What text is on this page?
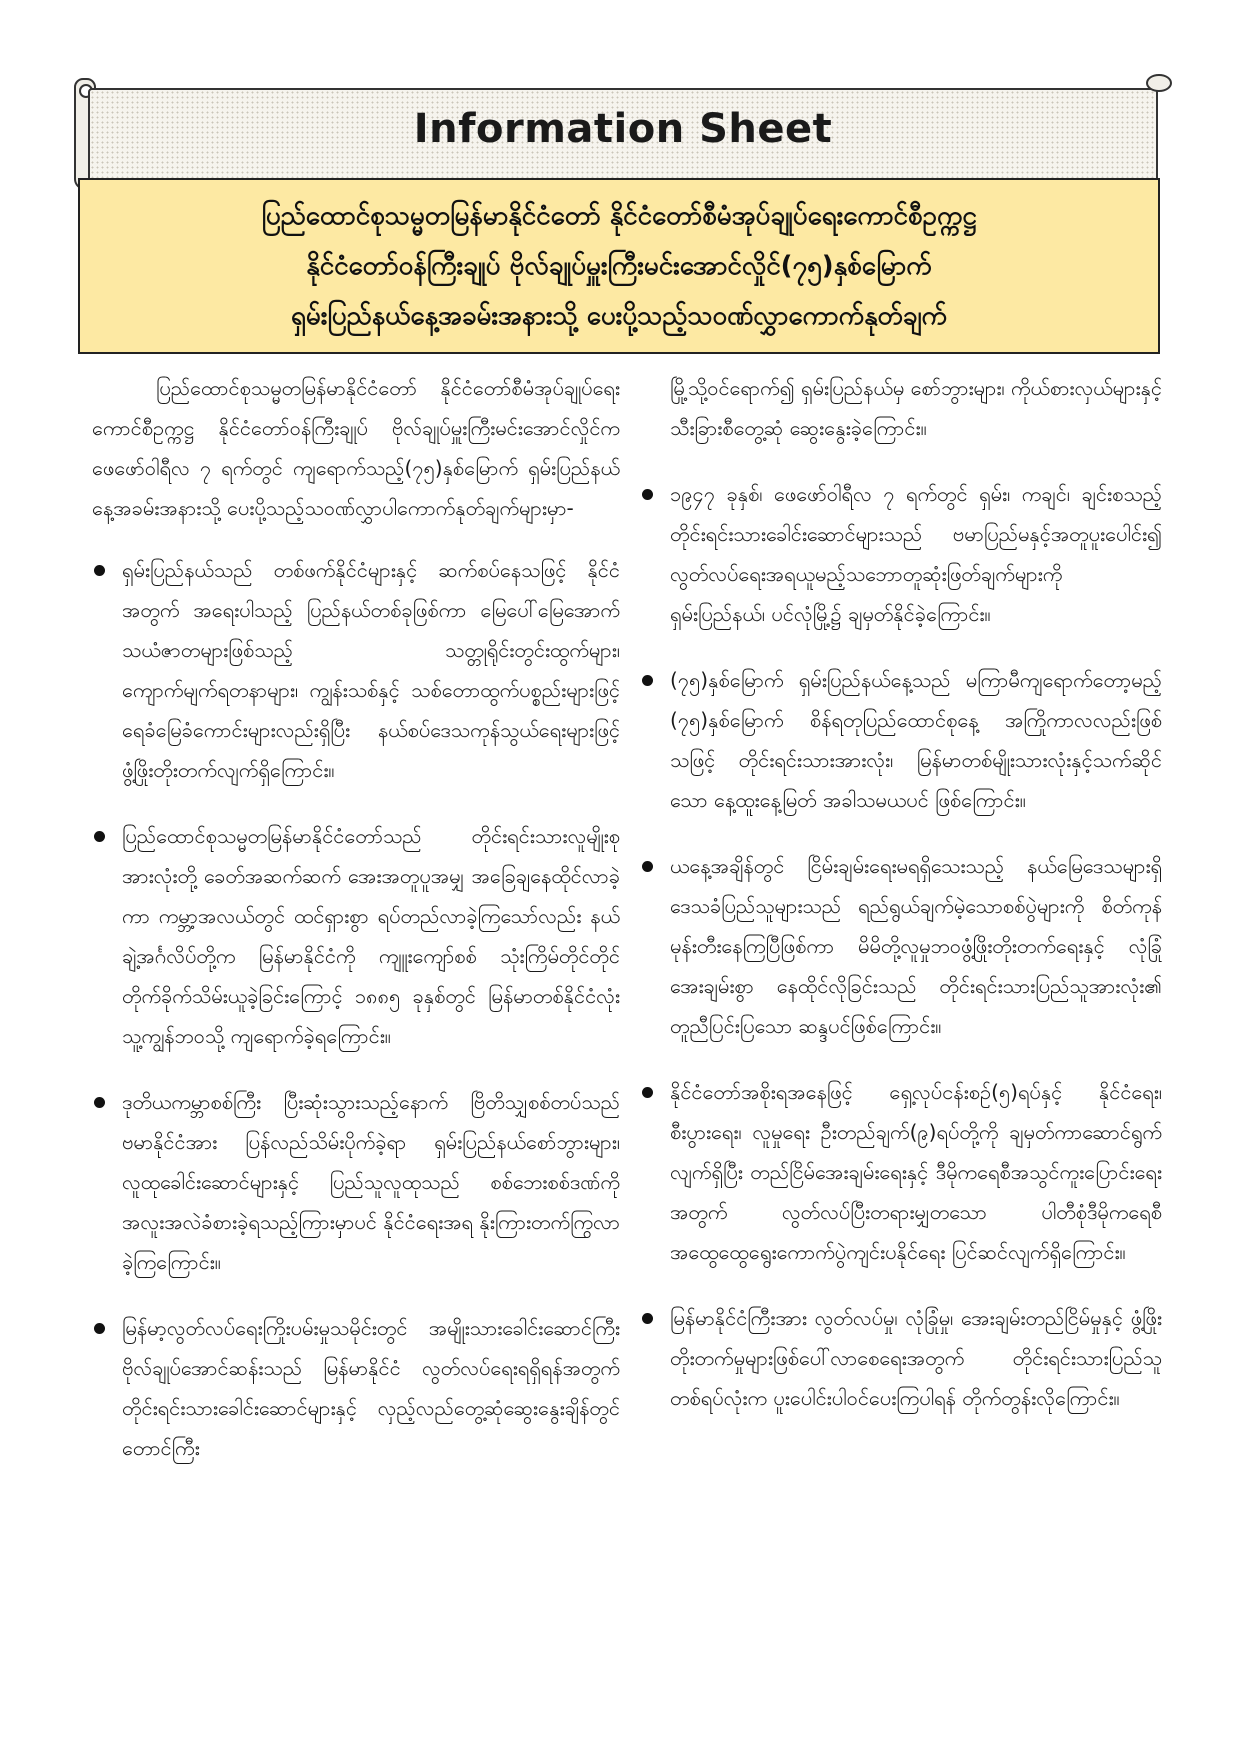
Information Sheet
ပြည်ထောင်စုသမ္မတမြန်မာနိုင်ငံတော် နိုင်ငံတော်စီမံအုပ်ချုပ်ရေးကောင်စီဥက္ကဋ္ဌ
နိုင်ငံတော်ဝန်ကြီးချုပ် ဗိုလ်ချုပ်မှူးကြီးမင်းအောင်လှိုင်(၇၅)နှစ်မြောက်
ရှမ်းပြည်နယ်နေ့အခမ်းအနားသို့ ပေးပို့သည့်သဝဏ်လွှာကောက်နုတ်ချက်

ပြည်ထောင်စုသမ္မတမြန်မာနိုင်ငံတော် နိုင်ငံတော်စီမံအုပ်ချုပ်ရေးကောင်စီဥက္ကဋ္ဌ နိုင်ငံတော်ဝန်ကြီးချုပ် ဗိုလ်ချုပ်မှူးကြီးမင်းအောင်လှိုင်က ဖေဖော်ဝါရီလ ၇ ရက်တွင် ကျရောက်သည့်(၇၅)နှစ်မြောက် ရှမ်းပြည်နယ်နေ့အခမ်းအနားသို့ ပေးပို့သည့်သဝဏ်လွှာပါကောက်နုတ်ချက်များမှာ-

ရှမ်းပြည်နယ်သည် တစ်ဖက်နိုင်ငံများနှင့် ဆက်စပ်နေသဖြင့် နိုင်ငံအတွက် အရေးပါသည့် ပြည်နယ်တစ်ခုဖြစ်ကာ မြေပေါ်မြေအောက်သယံဇာတများဖြစ်သည့် သတ္တုရိုင်းတွင်းထွက်များ၊ ကျောက်မျက်ရတနာများ၊ ကျွန်းသစ်နှင့် သစ်တောထွက်ပစ္စည်းများဖြင့် ရေခံမြေခံကောင်းများလည်းရှိပြီး နယ်စပ်ဒေသကုန်သွယ်ရေးများဖြင့် ဖွံ့ဖြိုးတိုးတက်လျက်ရှိကြောင်း။
ပြည်ထောင်စုသမ္မတမြန်မာနိုင်ငံတော်သည် တိုင်းရင်းသားလူမျိုးစုအားလုံးတို့ ခေတ်အဆက်ဆက် အေးအတူပူအမျှ အခြေချနေထိုင်လာခဲ့ကာ ကမ္ဘာ့အလယ်တွင် ထင်ရှားစွာ ရပ်တည်လာခဲ့ကြသော်လည်း နယ်ချဲ့အင်္ဂလိပ်တို့က မြန်မာနိုင်ငံကို ကျူးကျော်စစ် သုံးကြိမ်တိုင်တိုင် တိုက်ခိုက်သိမ်းယူခဲ့ခြင်းကြောင့် ၁၈၈၅ ခုနှစ်တွင် မြန်မာတစ်နိုင်ငံလုံး သူ့ကျွန်ဘဝသို့ ကျရောက်ခဲ့ရကြောင်း။
ဒုတိယကမ္ဘာစစ်ကြီး ပြီးဆုံးသွားသည့်နောက် ဗြိတိသျှစစ်တပ်သည် ဗမာနိုင်ငံအား ပြန်လည်သိမ်းပိုက်ခဲ့ရာ ရှမ်းပြည်နယ်စော်ဘွားများ၊ လူထုခေါင်းဆောင်များနှင့် ပြည်သူလူထုသည် စစ်ဘေးစစ်ဒဏ်ကို အလူးအလဲခံစားခဲ့ရသည့်ကြားမှာပင် နိုင်ငံရေးအရ နိုးကြားတက်ကြွလာခဲ့ကြကြောင်း။
မြန်မာ့လွတ်လပ်ရေးကြိုးပမ်းမှုသမိုင်းတွင် အမျိုးသားခေါင်းဆောင်ကြီး ဗိုလ်ချုပ်အောင်ဆန်းသည် မြန်မာနိုင်ငံ လွတ်လပ်ရေးရရှိရန်အတွက် တိုင်းရင်းသားခေါင်းဆောင်များနှင့် လှည့်လည်တွေ့ဆုံဆွေးနွေးချိန်တွင် တောင်ကြီး

မြို့သို့ဝင်ရောက်၍ ရှမ်းပြည်နယ်မှ စော်ဘွားများ၊ ကိုယ်စားလှယ်များနှင့် သီးခြားစီတွေ့ဆုံ ဆွေးနွေးခဲ့ကြောင်း။

၁၉၄၇ ခုနှစ်၊ ဖေဖော်ဝါရီလ ၇ ရက်တွင် ရှမ်း၊ ကချင်၊ ချင်းစသည့် တိုင်းရင်းသားခေါင်းဆောင်များသည် ဗမာပြည်မနှင့်အတူပူးပေါင်း၍ လွတ်လပ်ရေးအရယူမည့်သဘောတူဆုံးဖြတ်ချက်များကို ရှမ်းပြည်နယ်၊ ပင်လုံမြို့၌ ချမှတ်နိုင်ခဲ့ကြောင်း။
(၇၅)နှစ်မြောက် ရှမ်းပြည်နယ်နေ့သည် မကြာမီကျရောက်တော့မည့် (၇၅)နှစ်မြောက် စိန်ရတုပြည်ထောင်စုနေ့ အကြိုကာလလည်းဖြစ်သဖြင့် တိုင်းရင်းသားအားလုံး၊ မြန်မာတစ်မျိုးသားလုံးနှင့်သက်ဆိုင်သော နေ့ထူးနေ့မြတ် အခါသမယပင် ဖြစ်ကြောင်း။
ယနေ့အချိန်တွင် ငြိမ်းချမ်းရေးမရရှိသေးသည့် နယ်မြေဒေသများရှိ ဒေသခံပြည်သူများသည် ရည်ရွယ်ချက်မဲ့သောစစ်ပွဲများကို စိတ်ကုန်မုန်းတီးနေကြပြီဖြစ်ကာ မိမိတို့လူမှုဘဝဖွံ့ဖြိုးတိုးတက်ရေးနှင့် လုံခြုံအေးချမ်းစွာ နေထိုင်လိုခြင်းသည် တိုင်းရင်းသားပြည်သူအားလုံး၏ တူညီပြင်းပြသော ဆန္ဒပင်ဖြစ်ကြောင်း။
နိုင်ငံတော်အစိုးရအနေဖြင့် ရှေ့လုပ်ငန်းစဉ်(၅)ရပ်နှင့် နိုင်ငံရေး၊ စီးပွားရေး၊ လူမှုရေး ဦးတည်ချက်(၉)ရပ်တို့ကို ချမှတ်ကာဆောင်ရွက်လျက်ရှိပြီး တည်ငြိမ်အေးချမ်းရေးနှင့် ဒီမိုကရေစီအသွင်ကူးပြောင်းရေးအတွက် လွတ်လပ်ပြီးတရားမျှတသော ပါတီစုံဒီမိုကရေစီ အထွေထွေရွေးကောက်ပွဲကျင်းပနိုင်ရေး ပြင်ဆင်လျက်ရှိကြောင်း။
မြန်မာနိုင်ငံကြီးအား လွတ်လပ်မှု၊ လုံခြုံမှု၊ အေးချမ်းတည်ငြိမ်မှုနှင့် ဖွံ့ဖြိုးတိုးတက်မှုများဖြစ်ပေါ်လာစေရေးအတွက် တိုင်းရင်းသားပြည်သူတစ်ရပ်လုံးက ပူးပေါင်းပါဝင်ပေးကြပါရန် တိုက်တွန်းလိုကြောင်း။
